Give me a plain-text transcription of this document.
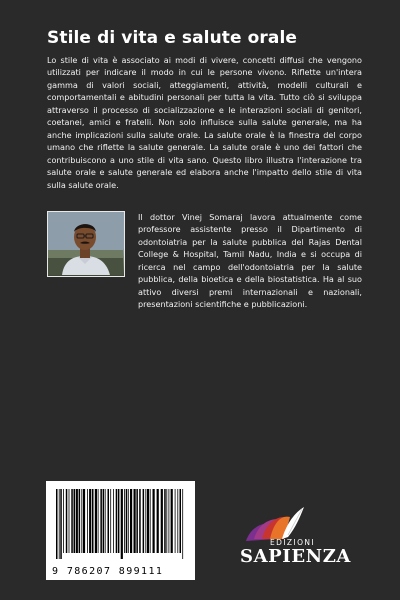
Stile di vita e salute orale
Lo stile di vita è associato ai modi di vivere, concetti diffusi che vengono utilizzati per indicare il modo in cui le persone vivono. Riflette un'intera gamma di valori sociali, atteggiamenti, attività, modelli culturali e comportamentali e abitudini personali per tutta la vita. Tutto ciò si sviluppa attraverso il processo di socializzazione e le interazioni sociali di genitori, coetanei, amici e fratelli. Non solo influisce sulla salute generale, ma ha anche implicazioni sulla salute orale. La salute orale è la finestra del corpo umano che riflette la salute generale. La salute orale è uno dei fattori che contribuiscono a uno stile di vita sano. Questo libro illustra l'interazione tra salute orale e salute generale ed elabora anche l'impatto dello stile di vita sulla salute orale.
Il dottor Vinej Somaraj lavora attualmente come professore assistente presso il Dipartimento di odontoiatria per la salute pubblica del Rajas Dental College & Hospital, Tamil Nadu, India e si occupa di ricerca nel campo dell'odontoiatria per la salute pubblica, della bioetica e della biostatistica. Ha al suo attivo diversi premi internazionali e nazionali, presentazioni scientifiche e pubblicazioni.
9 786207 899111
EDIZIONI
SAPIENZA
